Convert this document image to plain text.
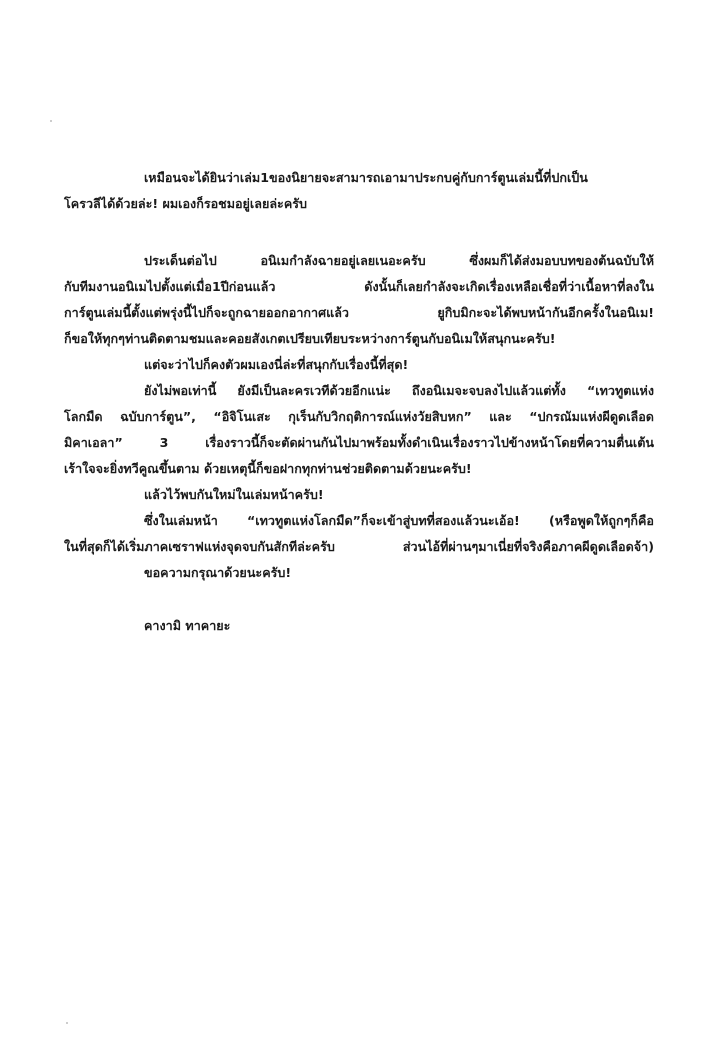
เหมือนจะได้ยินว่าเล่ม1ของนิยายจะสามารถเอามาประกบคู่กับการ์ตูนเล่มนี้ที่ปกเป็น
โครวลีได้ด้วยล่ะ! ผมเองก็รอชมอยู่เลยล่ะครับ
ประเด็นต่อไป อนิเมกำลังฉายอยู่เลยเนอะครับ ซึ่งผมก็ได้ส่งมอบบทของต้นฉบับให้
กับทีมงานอนิเมไปตั้งแต่เมื่อ1ปีก่อนแล้ว ดังนั้นก็เลยกำลังจะเกิดเรื่องเหลือเชื่อที่ว่าเนื้อหาที่ลงใน
การ์ตูนเล่มนี้ตั้งแต่พรุ่งนี้ไปก็จะถูกฉายออกอากาศแล้ว ยูกิบมิกะจะได้พบหน้ากันอีกครั้งในอนิเม!
ก็ขอให้ทุกๆท่านติดตามชมและคอยสังเกตเปรียบเทียบระหว่างการ์ตูนกับอนิเมให้สนุกนะครับ!
แต่จะว่าไปก็คงตัวผมเองนี่ล่ะที่สนุกกับเรื่องนี้ที่สุด!
ยังไม่พอเท่านี้ ยังมีเป็นละครเวทีด้วยอีกแน่ะ ถึงอนิเมจะจบลงไปแล้วแต่ทั้ง “เทวทูตแห่ง
โลกมืด ฉบับการ์ตูน”, “อิจิโนเสะ กุเร็นกับวิกฤติการณ์แห่งวัยสิบหก” และ “ปกรณัมแห่งผีดูดเลือด
มิคาเอลา” 3 เรื่องราวนี้ก็จะตัดผ่านกันไปมาพร้อมทั้งดำเนินเรื่องราวไปข้างหน้าโดยที่ความตื่นเต้น
เร้าใจจะยิ่งทวีคูณขึ้นตาม ด้วยเหตุนี้ก็ขอฝากทุกท่านช่วยติดตามด้วยนะครับ!
แล้วไว้พบกันใหม่ในเล่มหน้าครับ!
ซึ่งในเล่มหน้า “เทวทูตแห่งโลกมืด”ก็จะเข้าสู่บทที่สองแล้วนะเอ้อ! (หรือพูดให้ถูกๆก็คือ
ในที่สุดก็ได้เริ่มภาคเซราฟแห่งจุดจบกันสักทีล่ะครับ ส่วนไอ้ที่ผ่านๆมาเนี่ยที่จริงคือภาคผีดูดเลือดจ้า)
ขอความกรุณาด้วยนะครับ!
คางามิ ทาคายะ
